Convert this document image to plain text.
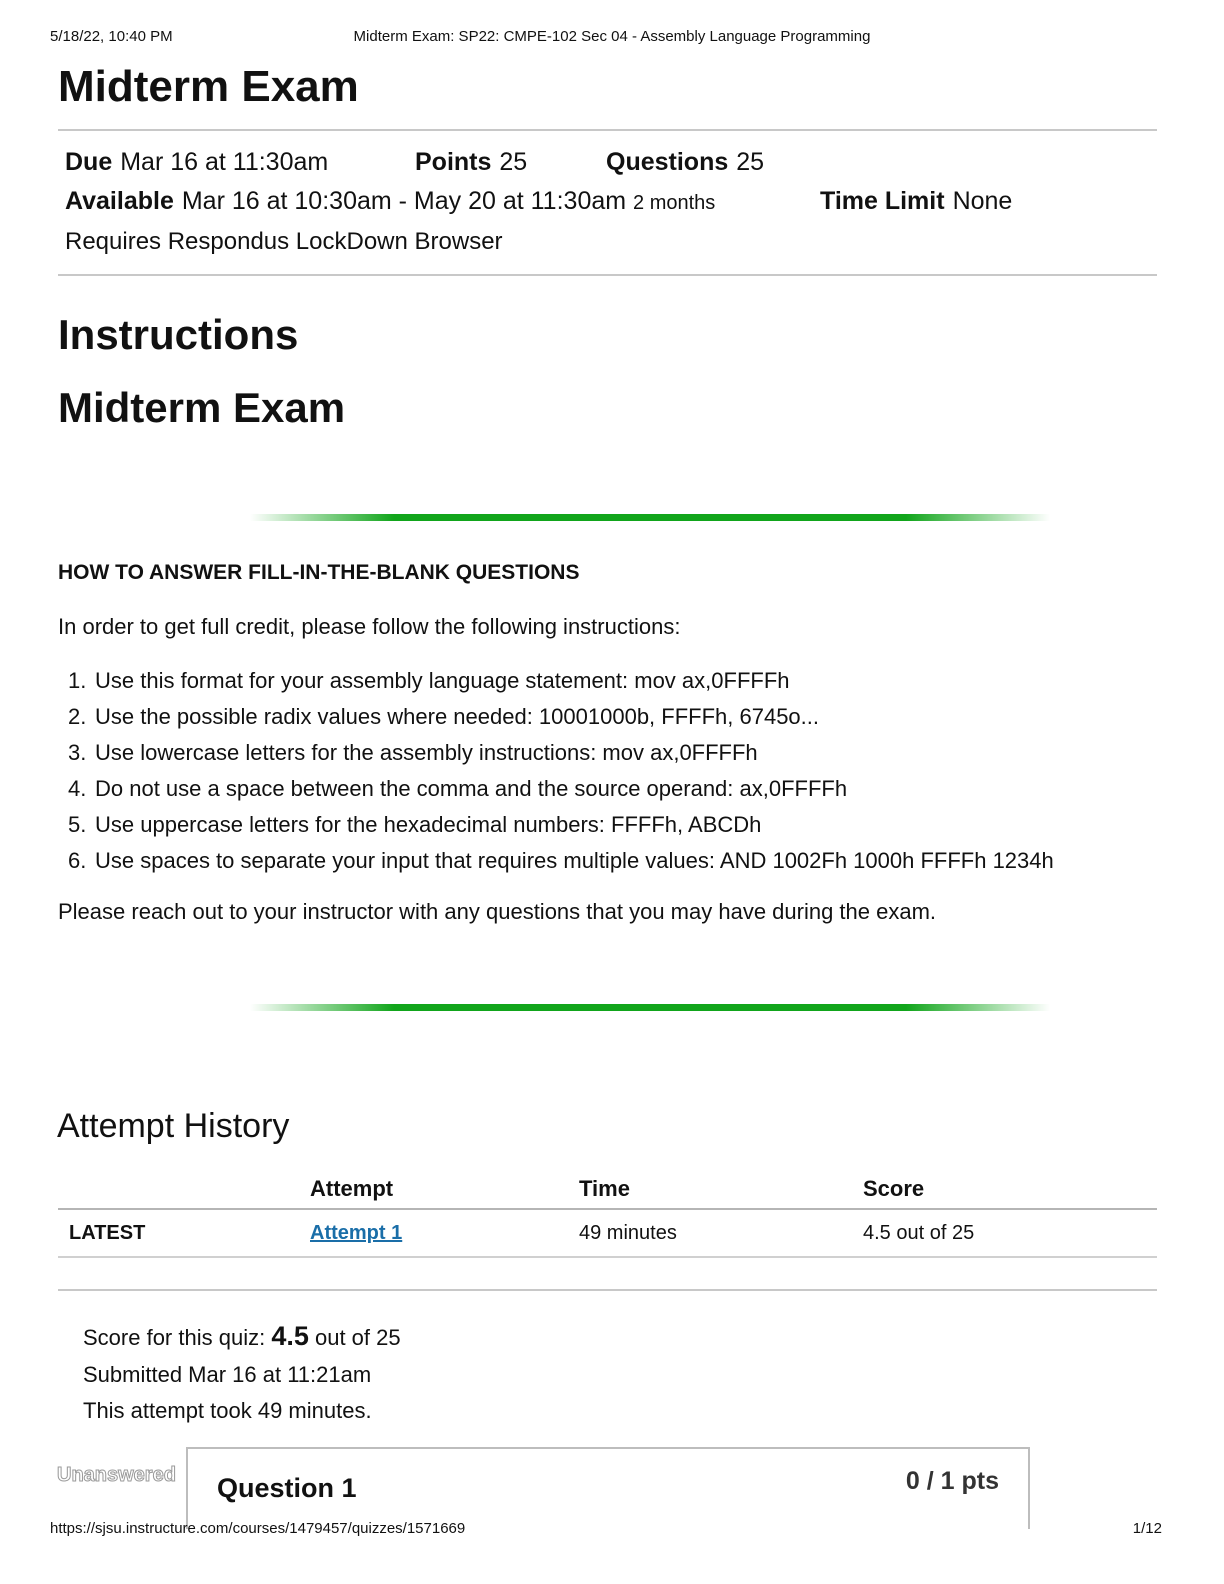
5/18/22, 10:40 PM	Midterm Exam: SP22: CMPE-102 Sec 04 - Assembly Language Programming
Midterm Exam
Due Mar 16 at 11:30am	Points 25	Questions 25
Available Mar 16 at 10:30am - May 20 at 11:30am 2 months	Time Limit None
Requires Respondus LockDown Browser
Instructions
Midterm Exam

HOW TO ANSWER FILL-IN-THE-BLANK QUESTIONS

In order to get full credit, please follow the following instructions:

1. Use this format for your assembly language statement: mov ax,0FFFFh
2. Use the possible radix values where needed: 10001000b, FFFFh, 6745o...
3. Use lowercase letters for the assembly instructions: mov ax,0FFFFh
4. Do not use a space between the comma and the source operand: ax,0FFFFh
5. Use uppercase letters for the hexadecimal numbers: FFFFh, ABCDh
6. Use spaces to separate your input that requires multiple values: AND 1002Fh 1000h FFFFh 1234h

Please reach out to your instructor with any questions that you may have during the exam.

Attempt History
	Attempt	Time	Score
LATEST	Attempt 1	49 minutes	4.5 out of 25

Score for this quiz: 4.5 out of 25

Submitted Mar 16 at 11:21am

This attempt took 49 minutes.

Unanswered Question 1	0 / 1 pts
https://sjsu.instructure.com/courses/1479457/quizzes/1571669	1/12
